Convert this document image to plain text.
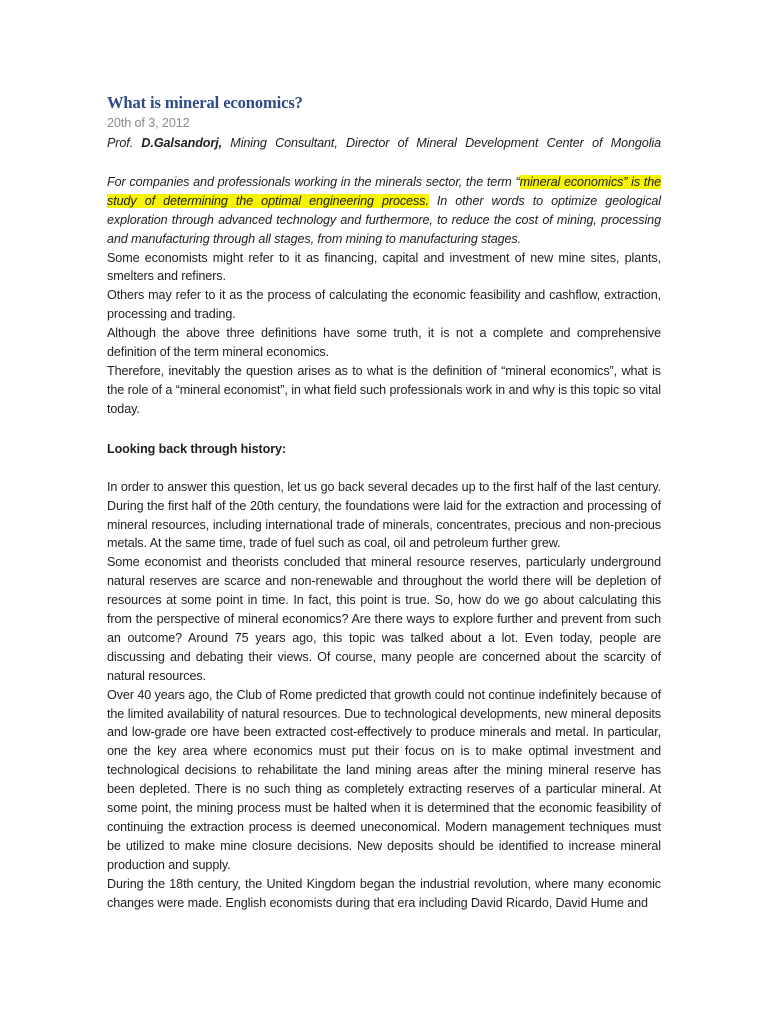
What is mineral economics?

20th of 3, 2012

Prof. D.Galsandorj, Mining Consultant, Director of Mineral Development Center of Mongolia

For companies and professionals working in the minerals sector, the term “mineral economics” is the study of determining the optimal engineering process. In other words to optimize geological exploration through advanced technology and furthermore, to reduce the cost of mining, processing and manufacturing through all stages, from mining to manufacturing stages.

Some economists might refer to it as financing, capital and investment of new mine sites, plants, smelters and refiners.

Others may refer to it as the process of calculating the economic feasibility and cashflow, extraction, processing and trading.

Although the above three definitions have some truth, it is not a complete and comprehensive definition of the term mineral economics.

Therefore, inevitably the question arises as to what is the definition of “mineral economics”, what is the role of a “mineral economist”, in what field such professionals work in and why is this topic so vital today.

Looking back through history:

In order to answer this question, let us go back several decades up to the first half of the last century. During the first half of the 20th century, the foundations were laid for the extraction and processing of mineral resources, including international trade of minerals, concentrates, precious and non-precious metals. At the same time, trade of fuel such as coal, oil and petroleum further grew.

Some economist and theorists concluded that mineral resource reserves, particularly underground natural reserves are scarce and non-renewable and throughout the world there will be depletion of resources at some point in time. In fact, this point is true. So, how do we go about calculating this from the perspective of mineral economics? Are there ways to explore further and prevent from such an outcome? Around 75 years ago, this topic was talked about a lot. Even today, people are discussing and debating their views. Of course, many people are concerned about the scarcity of natural resources.

Over 40 years ago, the Club of Rome predicted that growth could not continue indefinitely because of the limited availability of natural resources. Due to technological developments, new mineral deposits and low-grade ore have been extracted cost-effectively to produce minerals and metal. In particular, one the key area where economics must put their focus on is to make optimal investment and technological decisions to rehabilitate the land mining areas after the mining mineral reserve has been depleted. There is no such thing as completely extracting reserves of a particular mineral. At some point, the mining process must be halted when it is determined that the economic feasibility of continuing the extraction process is deemed uneconomical. Modern management techniques must be utilized to make mine closure decisions. New deposits should be identified to increase mineral production and supply.

During the 18th century, the United Kingdom began the industrial revolution, where many economic changes were made. English economists during that era including David Ricardo, David Hume and
